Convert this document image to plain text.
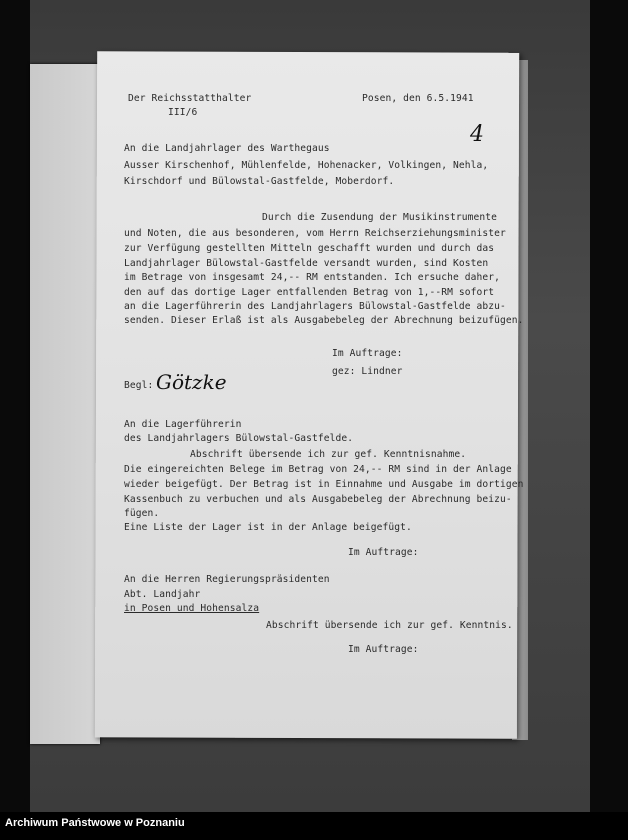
Der Reichsstatthalter
III/6
Posen, den 6.5.1941
4
An die Landjahrlager des Warthegaus
Ausser Kirschenhof, Mühlenfelde, Hohenacker, Volkingen, Nehla,
Kirschdorf und Bülowstal-Gastfelde, Moberdorf.
Durch die Zusendung der Musikinstrumente
und Noten, die aus besonderen, vom Herrn Reichserziehungsminister
zur Verfügung gestellten Mitteln geschafft wurden und durch das
Landjahrlager Bülowstal-Gastfelde versandt wurden, sind Kosten
im Betrage von insgesamt 24,-- RM entstanden. Ich ersuche daher,
den auf das dortige Lager entfallenden Betrag von 1,--RM sofort
an die Lagerführerin des Landjahrlagers Bülowstal-Gastfelde abzu-
senden. Dieser Erlaß ist als Ausgabebeleg der Abrechnung beizufügen.
Im Auftrage:
gez: Lindner
Begl: Götzke
An die Lagerführerin
des Landjahrlagers Bülowstal-Gastfelde.
Abschrift übersende ich zur gef. Kenntnisnahme.
Die eingereichten Belege im Betrag von 24,-- RM sind in der Anlage
wieder beigefügt. Der Betrag ist in Einnahme und Ausgabe im dortigen
Kassenbuch zu verbuchen und als Ausgabebeleg der Abrechnung beizu-
fügen.
Eine Liste der Lager ist in der Anlage beigefügt.
Im Auftrage:
An die Herren Regierungspräsidenten
Abt. Landjahr
in Posen und Hohensalza
Abschrift übersende ich zur gef. Kenntnis.
Im Auftrage:
Archiwum Państwowe w Poznaniu
